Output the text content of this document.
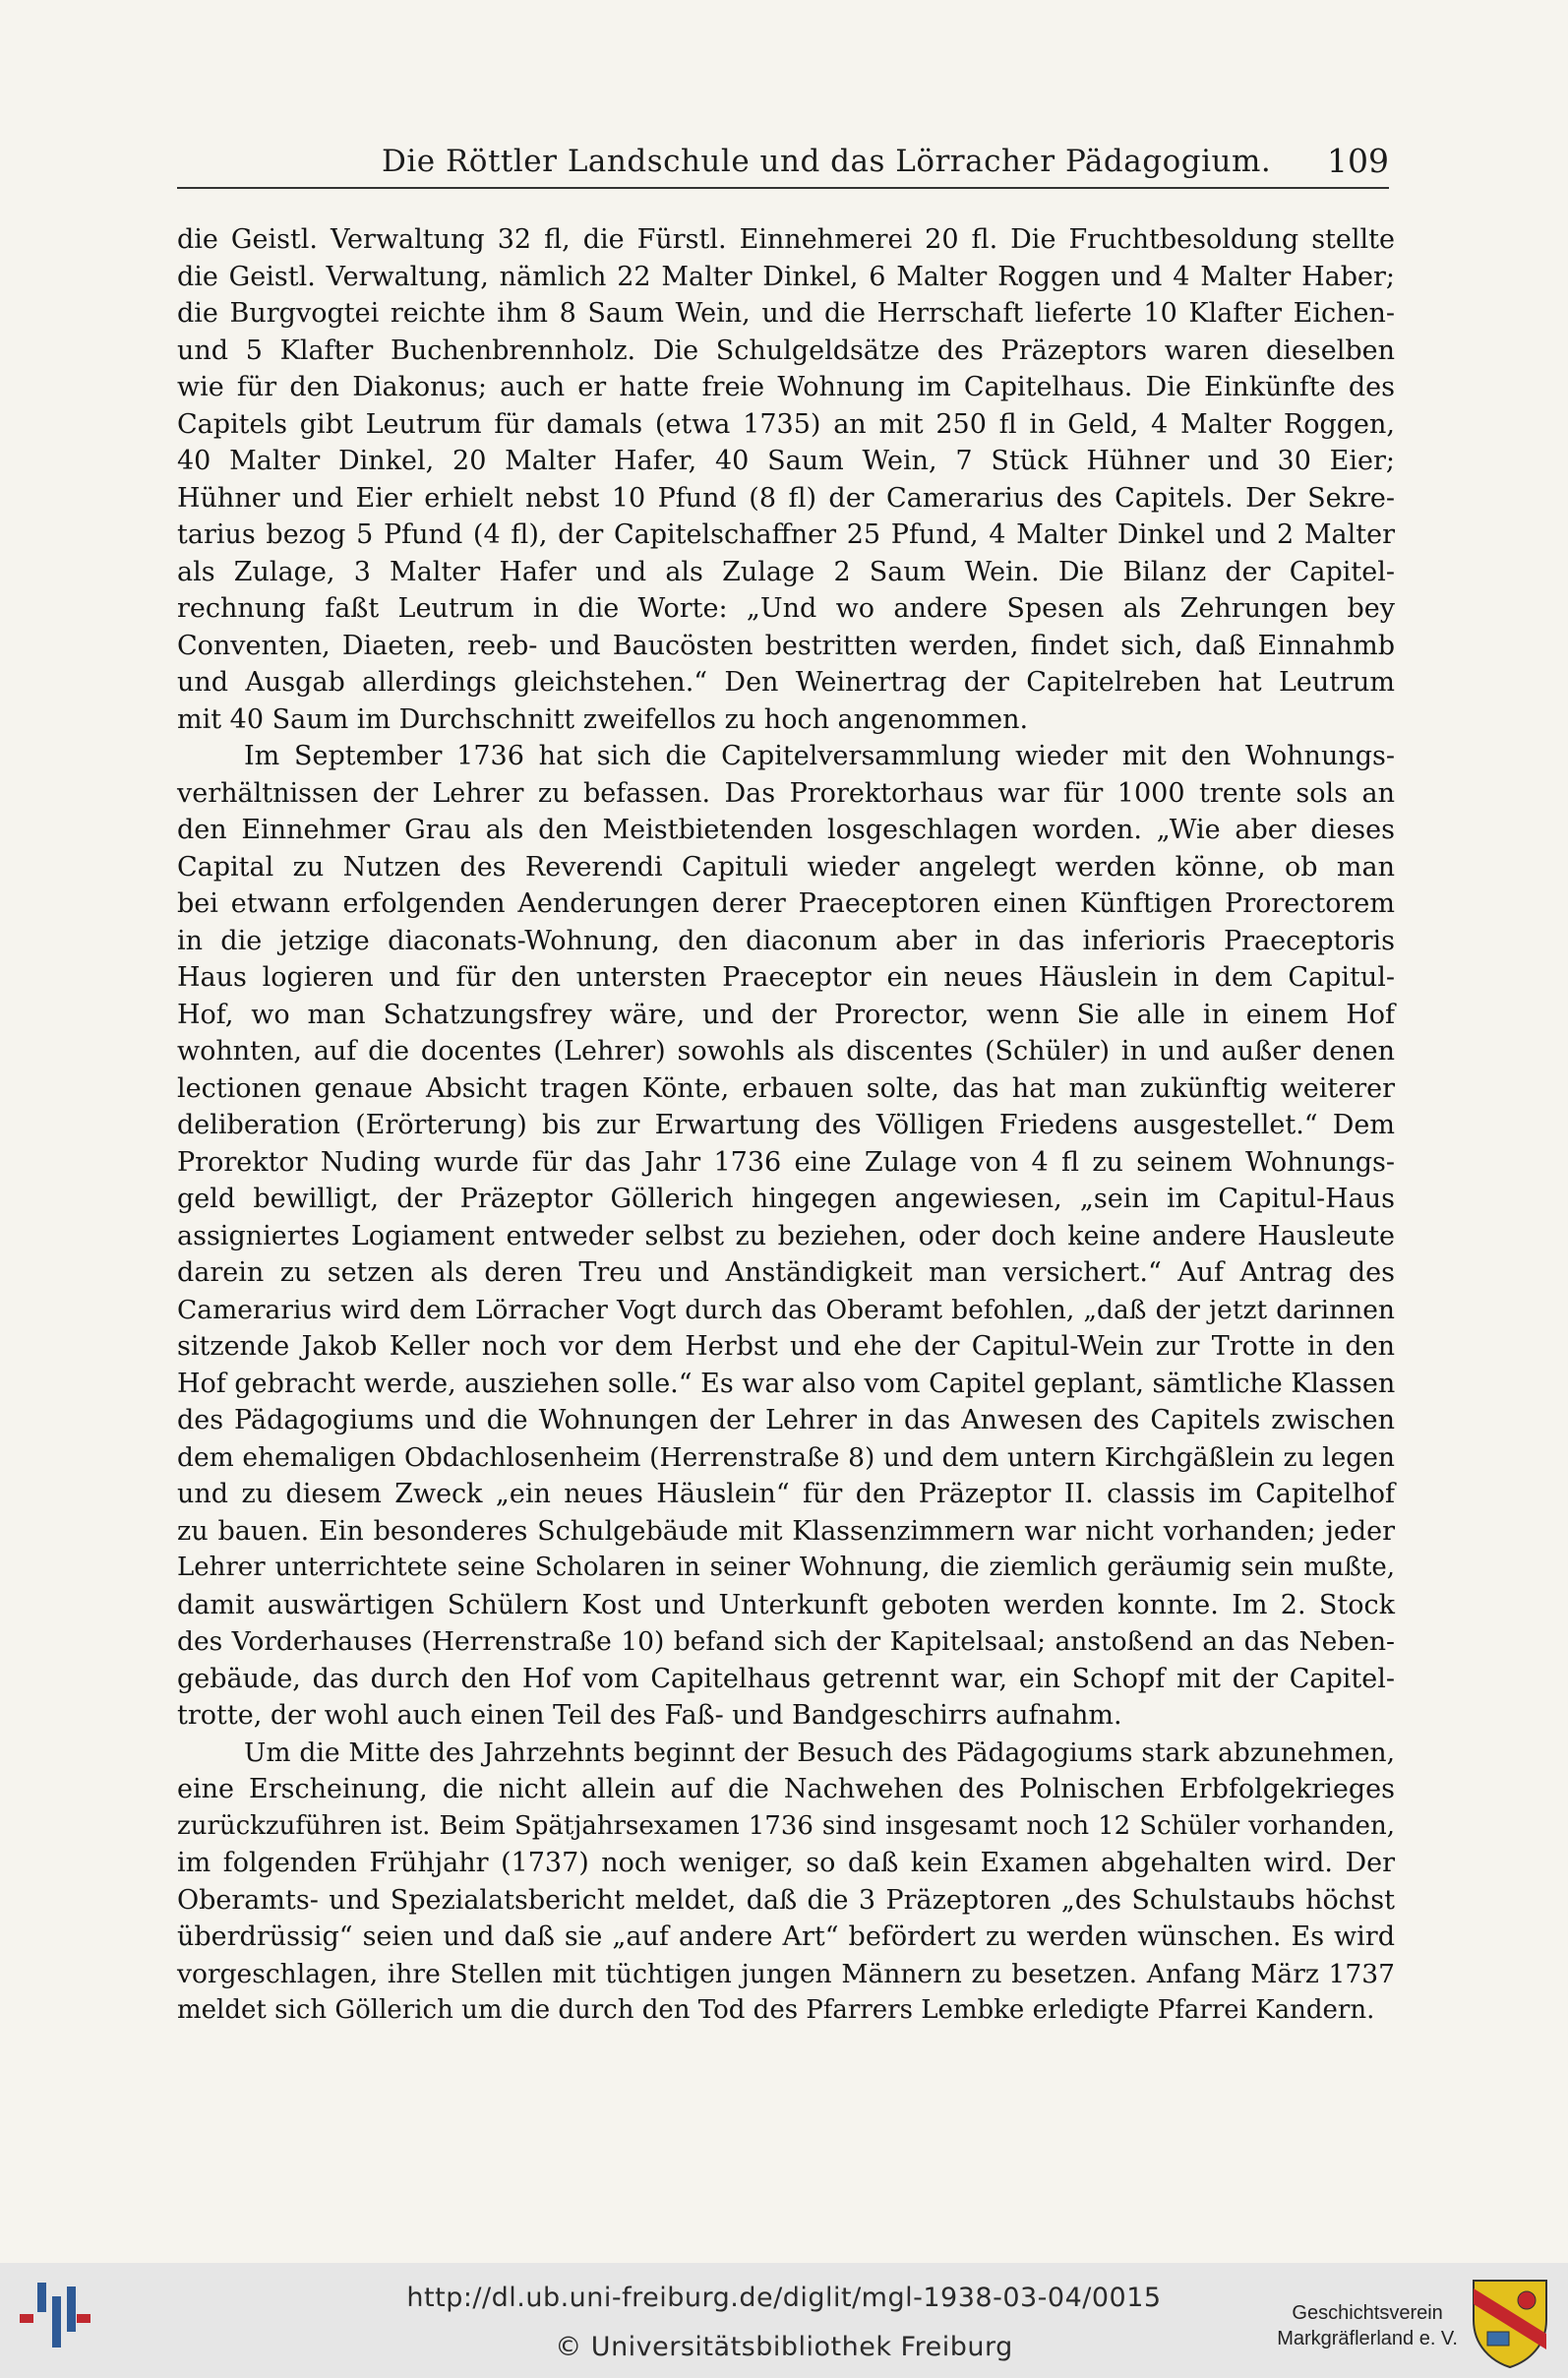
Die Röttler Landschule und das Lörracher Pädagogium. 109
die Geistl. Verwaltung 32 fl, die Fürstl. Einnehmerei 20 fl. Die Fruchtbesoldung stellte
die Geistl. Verwaltung, nämlich 22 Malter Dinkel, 6 Malter Roggen und 4 Malter Haber;
die Burgvogtei reichte ihm 8 Saum Wein, und die Herrschaft lieferte 10 Klafter Eichen-
und 5 Klafter Buchenbrennholz. Die Schulgeldsätze des Präzeptors waren dieselben
wie für den Diakonus; auch er hatte freie Wohnung im Capitelhaus. Die Einkünfte des
Capitels gibt Leutrum für damals (etwa 1735) an mit 250 fl in Geld, 4 Malter Roggen,
40 Malter Dinkel, 20 Malter Hafer, 40 Saum Wein, 7 Stück Hühner und 30 Eier;
Hühner und Eier erhielt nebst 10 Pfund (8 fl) der Camerarius des Capitels. Der Sekre-
tarius bezog 5 Pfund (4 fl), der Capitelschaffner 25 Pfund, 4 Malter Dinkel und 2 Malter
als Zulage, 3 Malter Hafer und als Zulage 2 Saum Wein. Die Bilanz der Capitel-
rechnung faßt Leutrum in die Worte: „Und wo andere Spesen als Zehrungen bey
Conventen, Diaeten, reeb- und Baucösten bestritten werden, findet sich, daß Einnahmb
und Ausgab allerdings gleichstehen.“ Den Weinertrag der Capitelreben hat Leutrum
mit 40 Saum im Durchschnitt zweifellos zu hoch angenommen.
Im September 1736 hat sich die Capitelversammlung wieder mit den Wohnungs-
verhältnissen der Lehrer zu befassen. Das Prorektorhaus war für 1000 trente sols an
den Einnehmer Grau als den Meistbietenden losgeschlagen worden. „Wie aber dieses
Capital zu Nutzen des Reverendi Capituli wieder angelegt werden könne, ob man
bei etwann erfolgenden Aenderungen derer Praeceptoren einen Künftigen Prorectorem
in die jetzige diaconats-Wohnung, den diaconum aber in das inferioris Praeceptoris
Haus logieren und für den untersten Praeceptor ein neues Häuslein in dem Capitul-
Hof, wo man Schatzungsfrey wäre, und der Prorector, wenn Sie alle in einem Hof
wohnten, auf die docentes (Lehrer) sowohls als discentes (Schüler) in und außer denen
lectionen genaue Absicht tragen Könte, erbauen solte, das hat man zukünftig weiterer
deliberation (Erörterung) bis zur Erwartung des Völligen Friedens ausgestellet.“ Dem
Prorektor Nuding wurde für das Jahr 1736 eine Zulage von 4 fl zu seinem Wohnungs-
geld bewilligt, der Präzeptor Göllerich hingegen angewiesen, „sein im Capitul-Haus
assigniertes Logiament entweder selbst zu beziehen, oder doch keine andere Hausleute
darein zu setzen als deren Treu und Anständigkeit man versichert.“ Auf Antrag des
Camerarius wird dem Lörracher Vogt durch das Oberamt befohlen, „daß der jetzt darinnen
sitzende Jakob Keller noch vor dem Herbst und ehe der Capitul-Wein zur Trotte in den
Hof gebracht werde, ausziehen solle.“ Es war also vom Capitel geplant, sämtliche Klassen
des Pädagogiums und die Wohnungen der Lehrer in das Anwesen des Capitels zwischen
dem ehemaligen Obdachlosenheim (Herrenstraße 8) und dem untern Kirchgäßlein zu legen
und zu diesem Zweck „ein neues Häuslein“ für den Präzeptor II. classis im Capitelhof
zu bauen. Ein besonderes Schulgebäude mit Klassenzimmern war nicht vorhanden; jeder
Lehrer unterrichtete seine Scholaren in seiner Wohnung, die ziemlich geräumig sein mußte,
damit auswärtigen Schülern Kost und Unterkunft geboten werden konnte. Im 2. Stock
des Vorderhauses (Herrenstraße 10) befand sich der Kapitelsaal; anstoßend an das Neben-
gebäude, das durch den Hof vom Capitelhaus getrennt war, ein Schopf mit der Capitel-
trotte, der wohl auch einen Teil des Faß- und Bandgeschirrs aufnahm.
Um die Mitte des Jahrzehnts beginnt der Besuch des Pädagogiums stark abzunehmen,
eine Erscheinung, die nicht allein auf die Nachwehen des Polnischen Erbfolgekrieges
zurückzuführen ist. Beim Spätjahrsexamen 1736 sind insgesamt noch 12 Schüler vorhanden,
im folgenden Frühjahr (1737) noch weniger, so daß kein Examen abgehalten wird. Der
Oberamts- und Spezialatsbericht meldet, daß die 3 Präzeptoren „des Schulstaubs höchst
überdrüssig“ seien und daß sie „auf andere Art“ befördert zu werden wünschen. Es wird
vorgeschlagen, ihre Stellen mit tüchtigen jungen Männern zu besetzen. Anfang März 1737
meldet sich Göllerich um die durch den Tod des Pfarrers Lembke erledigte Pfarrei Kandern.
http://dl.ub.uni-freiburg.de/diglit/mgl-1938-03-04/0015
© Universitätsbibliothek Freiburg
Geschichtsverein
Markgräflerland e. V.
